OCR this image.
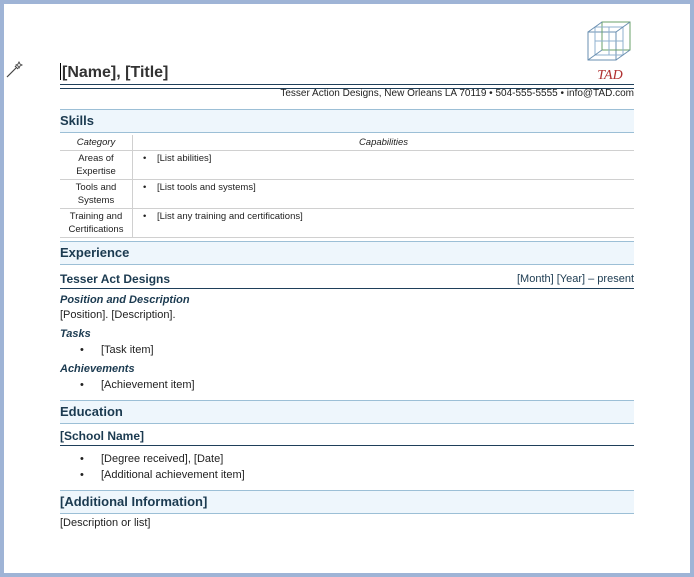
TAD
[Name], [Title]
Tesser Action Designs, New Orleans LA 70119 • 504-555-5555 • info@TAD.com
Skills
Category	Capabilities
Areas of
Expertise	• [List abilities]
Tools and
Systems	• [List tools and systems]
Training and
Certifications	• [List any training and certifications]
Experience
Tesser Act Designs	[Month] [Year] – present
Position and Description
[Position]. [Description].
Tasks
• [Task item]
Achievements
• [Achievement item]
Education
[School Name]
• [Degree received], [Date]
• [Additional achievement item]
[Additional Information]
[Description or list]
